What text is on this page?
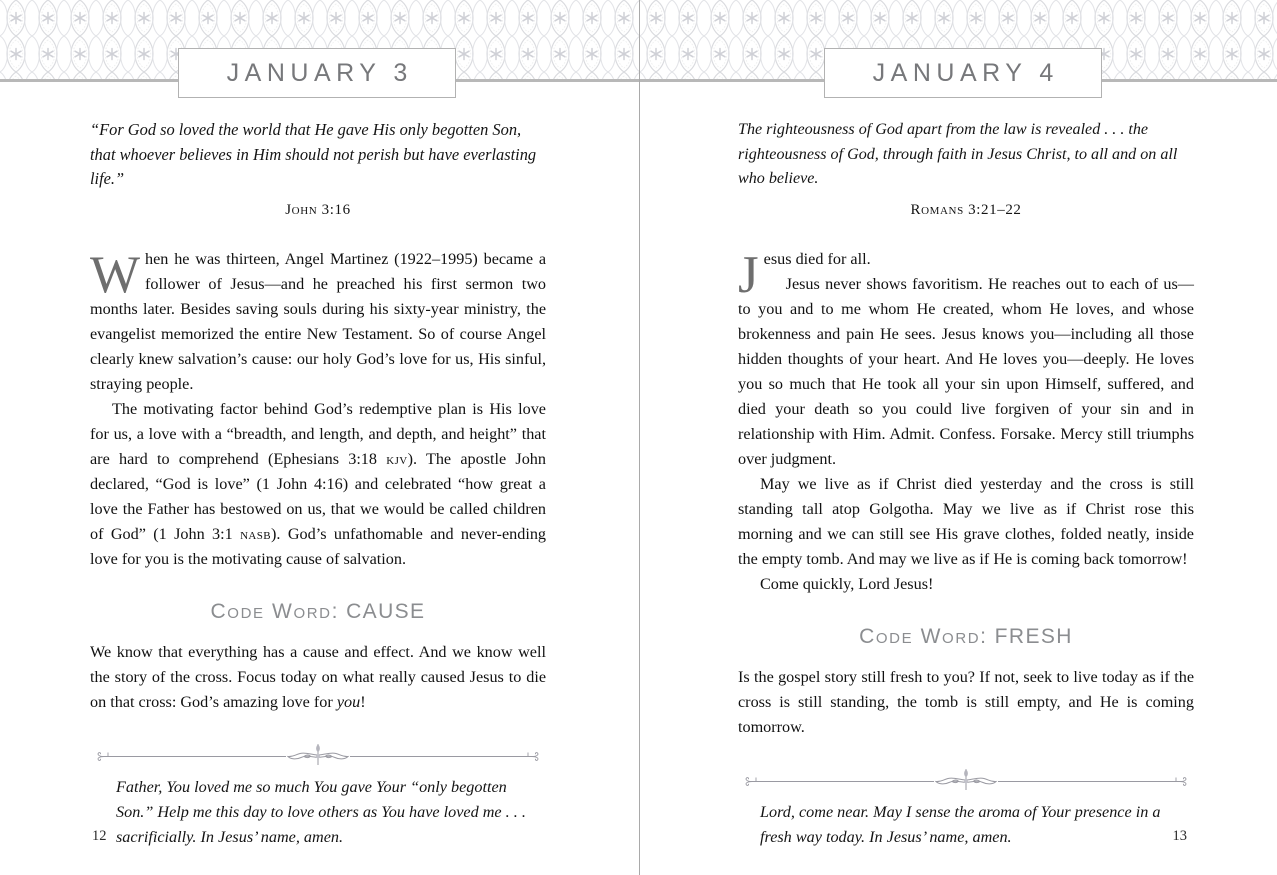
JANUARY 3

“For God so loved the world that He gave His only begotten Son, that whoever believes in Him should not perish but have everlasting life.”

John 3:16

When he was thirteen, Angel Martinez (1922–1995) became a follower of Jesus—and he preached his first sermon two months later. Besides saving souls during his sixty-year ministry, the evangelist memorized the entire New Testament. So of course Angel clearly knew salvation’s cause: our holy God’s love for us, His sinful, straying people.

The motivating factor behind God’s redemptive plan is His love for us, a love with a “breadth, and length, and depth, and height” that are hard to comprehend (Ephesians 3:18 kjv). The apostle John declared, “God is love” (1 John 4:16) and celebrated “how great a love the Father has bestowed on us, that we would be called children of God” (1 John 3:1 nasb). God’s unfathomable and never-ending love for you is the motivating cause of salvation.

Code Word: CAUSE

We know that everything has a cause and effect. And we know well the story of the cross. Focus today on what really caused Jesus to die on that cross: God’s amazing love for you!

Father, You loved me so much You gave Your “only begotten Son.” Help me this day to love others as You have loved me . . . sacrificially. In Jesus’ name, amen.

12
JANUARY 4

The righteousness of God apart from the law is revealed . . . the righteousness of God, through faith in Jesus Christ, to all and on all who believe.

Romans 3:21–22

Jesus died for all.

Jesus never shows favoritism. He reaches out to each of us—to you and to me whom He created, whom He loves, and whose brokenness and pain He sees. Jesus knows you—including all those hidden thoughts of your heart. And He loves you—deeply. He loves you so much that He took all your sin upon Himself, suffered, and died your death so you could live forgiven of your sin and in relationship with Him. Admit. Confess. Forsake. Mercy still triumphs over judgment.

May we live as if Christ died yesterday and the cross is still standing tall atop Golgotha. May we live as if Christ rose this morning and we can still see His grave clothes, folded neatly, inside the empty tomb. And may we live as if He is coming back tomorrow!

Come quickly, Lord Jesus!

Code Word: FRESH

Is the gospel story still fresh to you? If not, seek to live today as if the cross is still standing, the tomb is still empty, and He is coming tomorrow.

Lord, come near. May I sense the aroma of Your presence in a fresh way today. In Jesus’ name, amen.	13
